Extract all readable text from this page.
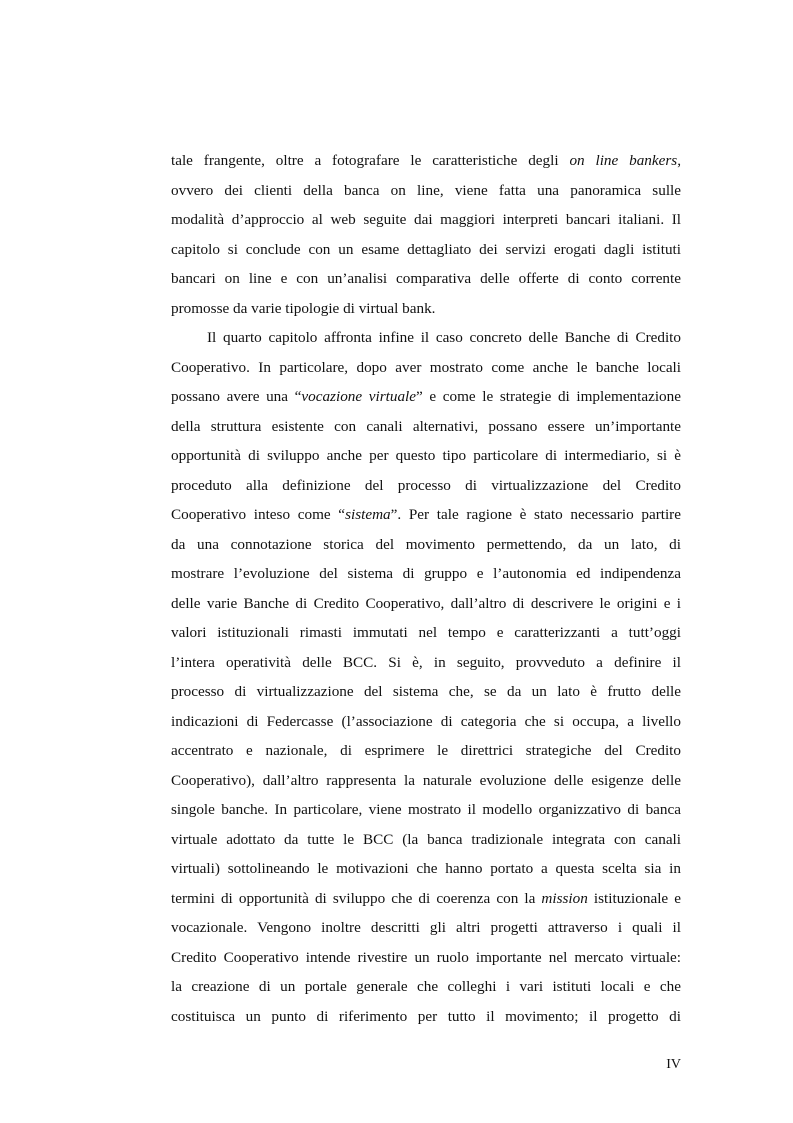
tale frangente, oltre a fotografare le caratteristiche degli on line bankers,
ovvero dei clienti della banca on line, viene fatta una panoramica sulle
modalità d’approccio al web seguite dai maggiori interpreti bancari italiani. Il
capitolo si conclude con un esame dettagliato dei servizi erogati dagli istituti
bancari on line e con un’analisi comparativa delle offerte di conto corrente
promosse da varie tipologie di virtual bank.
Il quarto capitolo affronta infine il caso concreto delle Banche di Credito
Cooperativo. In particolare, dopo aver mostrato come anche le banche locali
possano avere una “vocazione virtuale” e come le strategie di implementazione
della struttura esistente con canali alternativi, possano essere un’importante
opportunità di sviluppo anche per questo tipo particolare di intermediario, si è
proceduto alla definizione del processo di virtualizzazione del Credito
Cooperativo inteso come “sistema”. Per tale ragione è stato necessario partire
da una connotazione storica del movimento permettendo, da un lato, di
mostrare l’evoluzione del sistema di gruppo e l’autonomia ed indipendenza
delle varie Banche di Credito Cooperativo, dall’altro di descrivere le origini e i
valori istituzionali rimasti immutati nel tempo e caratterizzanti a tutt’oggi
l’intera operatività delle BCC. Si è, in seguito, provveduto a definire il
processo di virtualizzazione del sistema che, se da un lato è frutto delle
indicazioni di Federcasse (l’associazione di categoria che si occupa, a livello
accentrato e nazionale, di esprimere le direttrici strategiche del Credito
Cooperativo), dall’altro rappresenta la naturale evoluzione delle esigenze delle
singole banche. In particolare, viene mostrato il modello organizzativo di banca
virtuale adottato da tutte le BCC (la banca tradizionale integrata con canali
virtuali) sottolineando le motivazioni che hanno portato a questa scelta sia in
termini di opportunità di sviluppo che di coerenza con la mission istituzionale e
vocazionale. Vengono inoltre descritti gli altri progetti attraverso i quali il
Credito Cooperativo intende rivestire un ruolo importante nel mercato virtuale:
la creazione di un portale generale che colleghi i vari istituti locali e che
costituisca un punto di riferimento per tutto il movimento; il progetto di
IV
